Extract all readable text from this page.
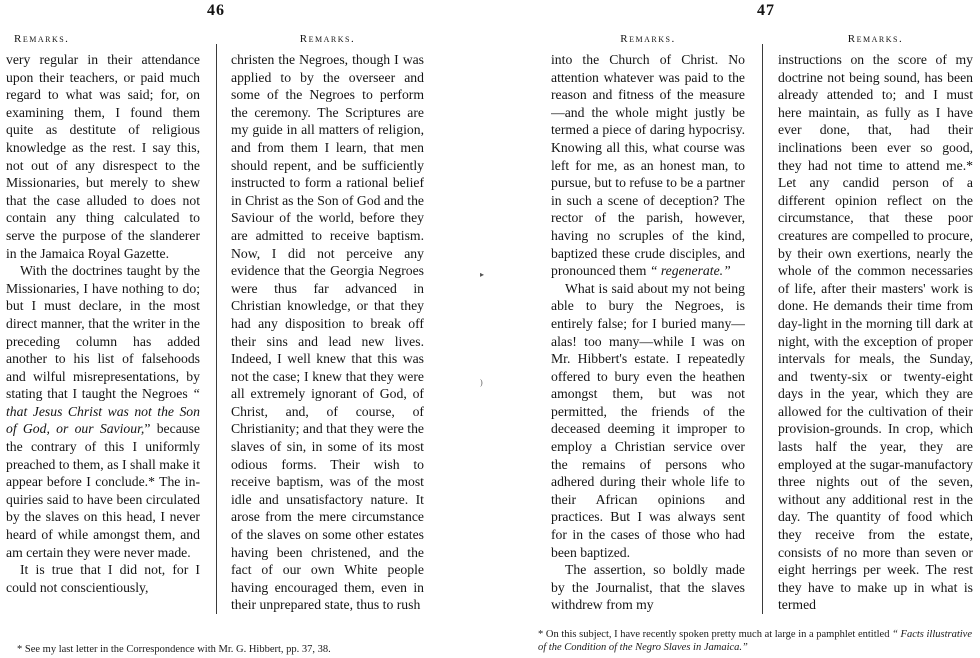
46
Remarks.

very regular in their attendance upon their teachers, or paid much regard to what was said; for, on examining them, I found them quite as destitute of religious knowledge as the rest. I say this, not out of any disrespect to the Missionaries, but merely to shew that the case alluded to does not contain any thing calculated to serve the purpose of the slanderer in the Jamaica Royal Gazette.

With the doctrines taught by the Missionaries, I have nothing to do; but I must declare, in the most direct manner, that the writer in the preceding column has added another to his list of falsehoods and wilful misrepresentations, by stating that I taught the Negroes “ that Jesus Christ was not the Son of God, or our Saviour,” because the contrary of this I uniformly preached to them, as I shall make it appear before I conclude.* The inquiries said to have been circulated by the slaves on this head, I never heard of while amongst them, and am certain they were never made.

It is true that I did not, for I could not conscientiously,

Remarks.

christen the Negroes, though I was applied to by the overseer and some of the Negroes to perform the ceremony. The Scriptures are my guide in all matters of religion, and from them I learn, that men should repent, and be sufficiently instructed to form a rational belief in Christ as the Son of God and the Saviour of the world, before they are admitted to receive baptism. Now, I did not perceive any evidence that the Georgia Negroes were thus far advanced in Christian knowledge, or that they had any disposition to break off their sins and lead new lives. Indeed, I well knew that this was not the case; I knew that they were all extremely ignorant of God, of Christ, and, of course, of Christianity; and that they were the slaves of sin, in some of its most odious forms. Their wish to receive baptism, was of the most idle and unsatisfactory nature. It arose from the mere circumstance of the slaves on some other estates having been christened, and the fact of our own White people having encouraged them, even in their unprepared state, thus to rush

* See my last letter in the Correspondence with Mr. G. Hibbert, pp. 37, 38.

▸
)
47
Remarks.

into the Church of Christ. No attention whatever was paid to the reason and fitness of the measure—and the whole might justly be termed a piece of daring hypocrisy. Knowing all this, what course was left for me, as an honest man, to pursue, but to refuse to be a partner in such a scene of deception? The rector of the parish, however, having no scruples of the kind, baptized these crude disciples, and pronounced them “ regenerate.”

What is said about my not being able to bury the Negroes, is entirely false; for I buried many—alas! too many—while I was on Mr. Hibbert's estate. I repeatedly offered to bury even the heathen amongst them, but was not permitted, the friends of the deceased deeming it improper to employ a Christian service over the remains of persons who adhered during their whole life to their African opinions and practices. But I was always sent for in the cases of those who had been baptized.

The assertion, so boldly made by the Journalist, that the slaves withdrew from my

Remarks.

instructions on the score of my doctrine not being sound, has been already attended to; and I must here maintain, as fully as I have ever done, that, had their inclinations been ever so good, they had not time to attend me.* Let any candid person of a different opinion reflect on the circumstance, that these poor creatures are compelled to procure, by their own exertions, nearly the whole of the common necessaries of life, after their masters' work is done. He demands their time from day-light in the morning till dark at night, with the exception of proper intervals for meals, the Sunday, and twenty-six or twenty-eight days in the year, which they are allowed for the cultivation of their provision-grounds. In crop, which lasts half the year, they are employed at the sugar-manufactory three nights out of the seven, without any additional rest in the day. The quantity of food which they receive from the estate, consists of no more than seven or eight herrings per week. The rest they have to make up in what is termed

* On this subject, I have recently spoken pretty much at large in a pamphlet entitled “ Facts illustrative of the Condition of the Negro Slaves in Jamaica.”
